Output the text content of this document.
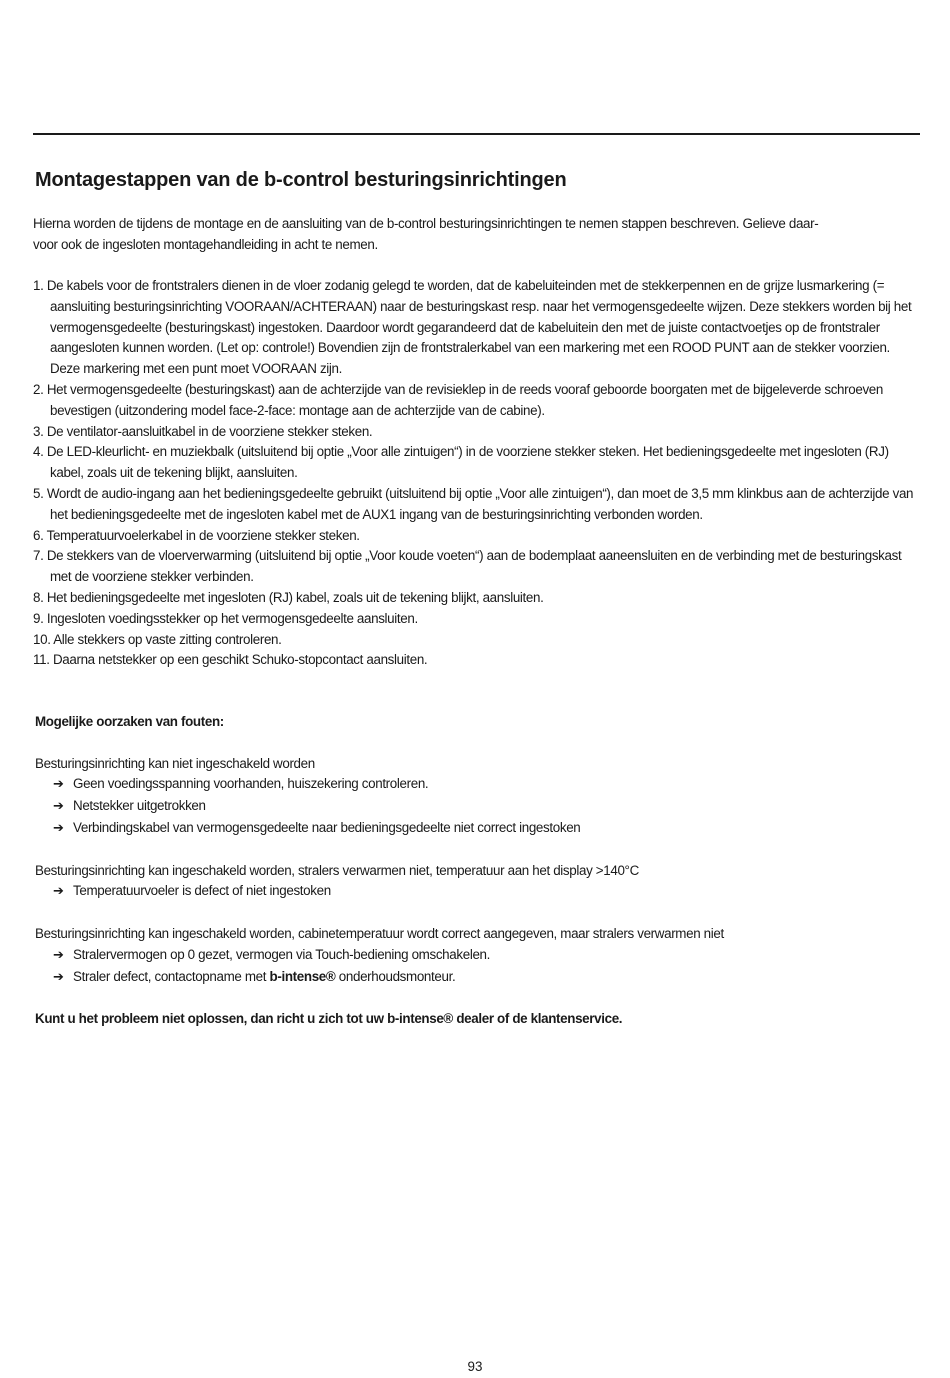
Montagestappen van de b-control besturingsinrichtingen

Hierna worden de tijdens de montage en de aansluiting van de b-control besturingsinrichtingen te nemen stappen beschreven. Gelieve daar-
voor ook de ingesloten montagehandleiding in acht te nemen.

1. De kabels voor de frontstralers dienen in de vloer zodanig gelegd te worden, dat de kabeluiteinden met de stekkerpennen en de grijze lusmarkering (= aansluiting besturingsinrichting VOORAAN/ACHTERAAN) naar de besturingskast resp. naar het vermogensgedeelte wijzen. Deze stekkers worden bij het vermogensgedeelte (besturingskast) ingestoken. Daardoor wordt gegarandeerd dat de kabeluitein den met de juiste contactvoetjes op de frontstraler aangesloten kunnen worden. (Let op: controle!) Bovendien zijn de frontstralerkabel van een markering met een ROOD PUNT aan de stekker voorzien. Deze markering met een punt moet VOORAAN zijn.
2. Het vermogensgedeelte (besturingskast) aan de achterzijde van de revisieklep in de reeds vooraf geboorde boorgaten met de bijgeleverde schroeven bevestigen (uitzondering model face-2-face: montage aan de achterzijde van de cabine).
3. De ventilator-aansluitkabel in de voorziene stekker steken.
4. De LED-kleurlicht- en muziekbalk (uitsluitend bij optie „Voor alle zintuigen“) in de voorziene stekker steken. Het bedieningsgedeelte met ingesloten (RJ) kabel, zoals uit de tekening blijkt, aansluiten.
5. Wordt de audio-ingang aan het bedieningsgedeelte gebruikt (uitsluitend bij optie „Voor alle zintuigen“), dan moet de 3,5 mm klinkbus aan de achterzijde van het bedieningsgedeelte met de ingesloten kabel met de AUX1 ingang van de besturingsinrichting verbonden worden.
6. Temperatuurvoelerkabel in de voorziene stekker steken.
7. De stekkers van de vloerverwarming (uitsluitend bij optie „Voor koude voeten“) aan de bodemplaat aaneensluiten en de verbinding met de besturingskast met de voorziene stekker verbinden.
8. Het bedieningsgedeelte met ingesloten (RJ) kabel, zoals uit de tekening blijkt, aansluiten.
9. Ingesloten voedingsstekker op het vermogensgedeelte aansluiten.
10. Alle stekkers op vaste zitting controleren.
11. Daarna netstekker op een geschikt Schuko-stopcontact aansluiten.

Mogelijke oorzaken van fouten:

Besturingsinrichting kan niet ingeschakeld worden

➔ Geen voedingsspanning voorhanden, huiszekering controleren.

➔ Netstekker uitgetrokken

➔ Verbindingskabel van vermogensgedeelte naar bedieningsgedeelte niet correct ingestoken

Besturingsinrichting kan ingeschakeld worden, stralers verwarmen niet, temperatuur aan het display >140°C

➔ Temperatuurvoeler is defect of niet ingestoken

Besturingsinrichting kan ingeschakeld worden, cabinetemperatuur wordt correct aangegeven, maar stralers verwarmen niet

➔ Stralervermogen op 0 gezet, vermogen via Touch-bediening omschakelen.

➔ Straler defect, contactopname met b-intense® onderhoudsmonteur.

Kunt u het probleem niet oplossen, dan richt u zich tot uw b-intense® dealer of de klantenservice.

93
